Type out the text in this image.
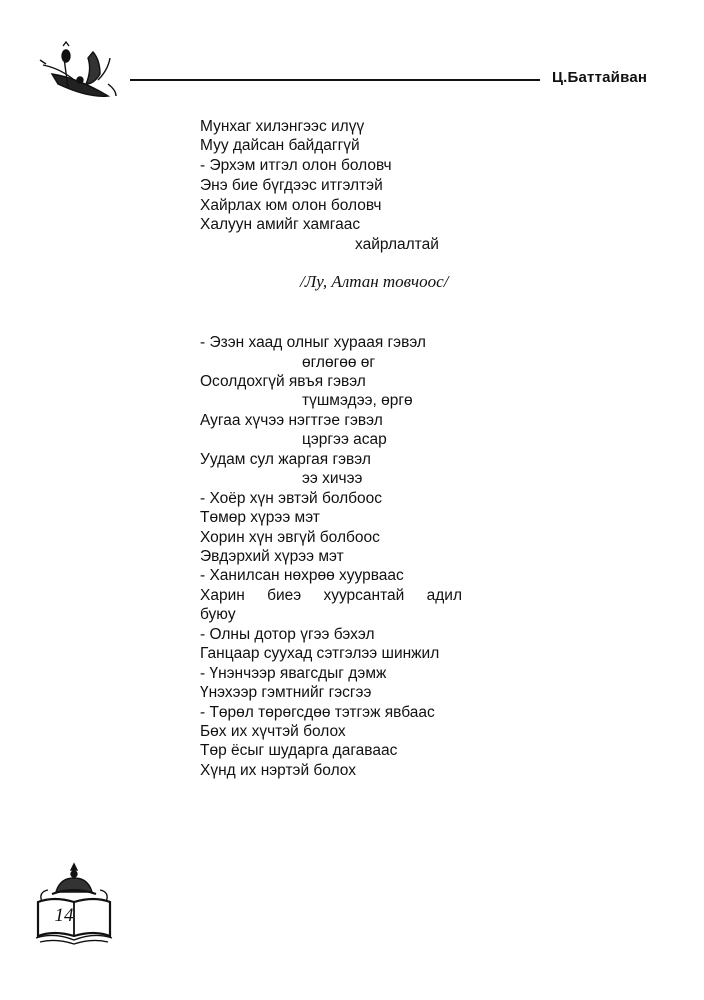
Ц.Баттайван
Мунхаг хилэнгээс илүү
Муу дайсан байдаггүй
- Эрхэм итгэл олон боловч
Энэ бие бүгдээс итгэлтэй
Хайрлах юм олон боловч
Халуун амийг хамгаас
хайрлалтай
/Лу, Алтан товчоос/
- Эзэн хаад олныг хураая гэвэл
өглөгөө өг
Осолдохгүй явъя гэвэл
түшмэдээ, өргө
Аугаа хүчээ нэгтгэе гэвэл
цэргээ асар
Уудам сул жаргая гэвэл
ээ хичээ
- Хоёр хүн эвтэй болбоос
Төмөр хүрээ мэт
Хорин хүн эвгүй болбоос
Эвдэрхий хүрээ мэт
- Ханилсан нөхрөө хуурваас
Харин биеэ хуурсантай адил
буюу
- Олны дотор үгээ бэхэл
Ганцаар суухад сэтгэлээ шинжил
- Үнэнчээр явагсдыг дэмж
Үнэхээр гэмтнийг гэсгээ
- Төрөл төрөгсдөө тэтгэж явбаас
Бөх их хүчтэй болох
Төр ёсыг шударга дагаваас
Хүнд их нэртэй болох
14
